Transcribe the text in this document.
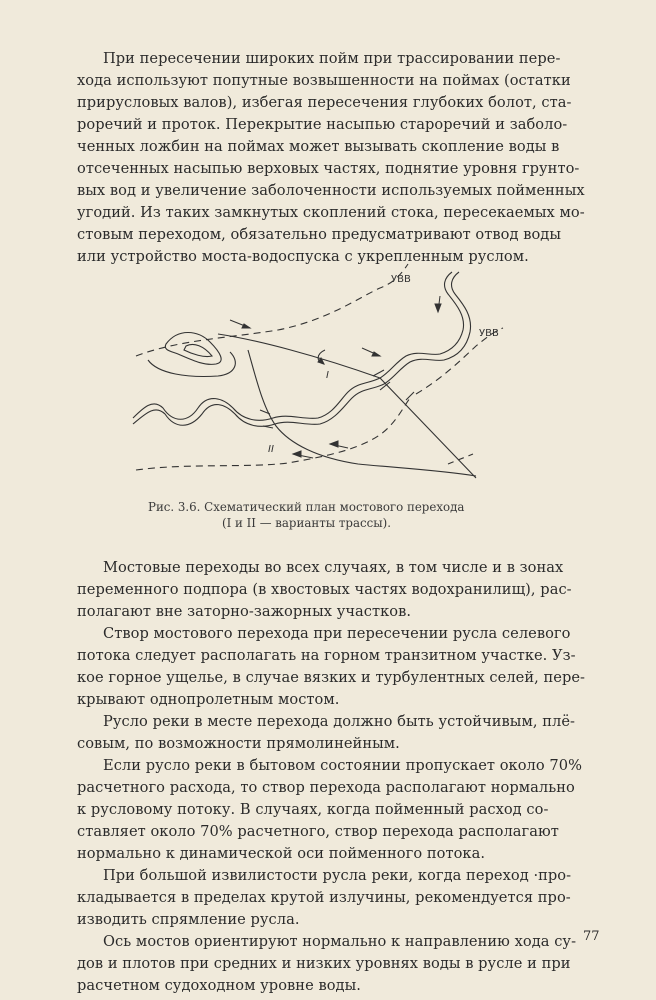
При пересечении широких пойм при трассировании пере-
хода используют попутные возвышенности на поймах (остатки
прирусловых валов), избегая пересечения глубоких болот, ста-
роречий и проток. Перекрытие насыпью староречий и заболо-
ченных ложбин на поймах может вызывать скопление воды в
отсеченных насыпью верховых частях, поднятие уровня грунто-
вых вод и увеличение заболоченности используемых пойменных
угодий. Из таких замкнутых скоплений стока, пересекаемых мо-
стовым переходом, обязательно предусматривают отвод воды
или устройство моста-водоспуска с укрепленным руслом.
УВВ
УВВ
I
II
Рис. 3.6. Схематический план мостового перехода
(I и II — варианты трассы).
Мостовые переходы во всех случаях, в том числе и в зонах
переменного подпора (в хвостовых частях водохранилищ), рас-
полагают вне заторно-зажорных участков.
Створ мостового перехода при пересечении русла селевого
потока следует располагать на горном транзитном участке. Уз-
кое горное ущелье, в случае вязких и турбулентных селей, пере-
крывают однопролетным мостом.
Русло реки в месте перехода должно быть устойчивым, плё-
совым, по возможности прямолинейным.
Если русло реки в бытовом состоянии пропускает около 70%
расчетного расхода, то створ перехода располагают нормально
к русловому потоку. В случаях, когда пойменный расход со-
ставляет около 70% расчетного, створ перехода располагают
нормально к динамической оси пойменного потока.
При большой извилистости русла реки, когда переход ·про-
кладывается в пределах крутой излучины, рекомендуется про-
изводить спрямление русла.
Ось мостов ориентируют нормально к направлению хода су-
дов и плотов при средних и низких уровнях воды в русле и при
расчетном судоходном уровне воды.
77
